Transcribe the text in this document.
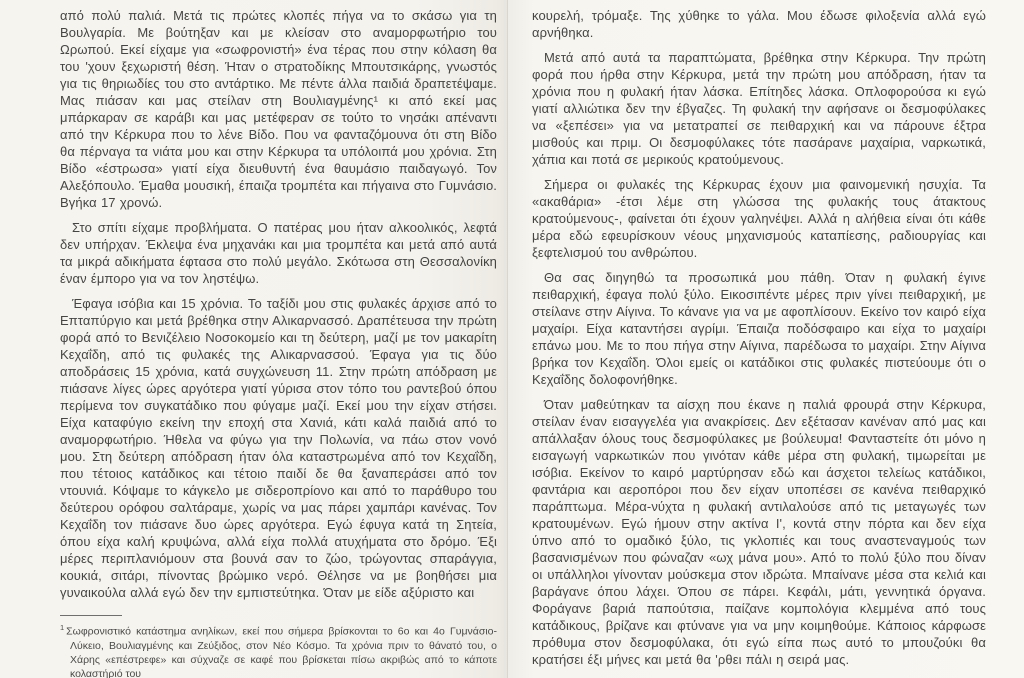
από πολύ παλιά. Μετά τις πρώτες κλοπές πήγα να το σκάσω για τη Βουλγαρία. Με βούτηξαν και με κλείσαν στο αναμορφωτήριο του Ωρωπού. Εκεί είχαμε για «σωφρονιστή» ένα τέρας που στην κόλαση θα του 'χουν ξεχωριστή θέση. Ήταν ο στρατοδίκης Μπουτσικάρης, γνωστός για τις θηριωδίες του στο αντάρτικο. Με πέντε άλλα παιδιά δραπετέψαμε. Μας πιάσαν και μας στείλαν στη Βουλιαγμένης¹ κι από εκεί μας μπάρκαραν σε καράβι και μας μετέφεραν σε τούτο το νησάκι απέναντι από την Κέρκυρα που το λένε Βίδο. Που να φανταζόμουνα ότι στη Βίδο θα πέρναγα τα νιάτα μου και στην Κέρκυρα τα υπόλοιπά μου χρόνια. Στη Βίδο «έστρωσα» γιατί είχα διευθυντή ένα θαυμάσιο παιδαγωγό. Τον Αλεξόπουλο. Έμαθα μουσική, έπαιζα τρομπέτα και πήγαινα στο Γυμνάσιο. Βγήκα 17 χρονώ.

Στο σπίτι είχαμε προβλήματα. Ο πατέρας μου ήταν αλκοολικός, λεφτά δεν υπήρχαν. Έκλεψα ένα μηχανάκι και μια τρομπέτα και μετά από αυτά τα μικρά αδικήματα έφτασα στο πολύ μεγάλο. Σκότωσα στη Θεσσαλονίκη έναν έμπορο για να τον ληστέψω.

Έφαγα ισόβια και 15 χρόνια. Το ταξίδι μου στις φυλακές άρχισε από το Επταπύργιο και μετά βρέθηκα στην Αλικαρνασσό. Δραπέτευσα την πρώτη φορά από το Βενιζέλειο Νοσοκομείο και τη δεύτερη, μαζί με τον μακαρίτη Κεχαΐδη, από τις φυλακές της Αλικαρνασσού. Έφαγα για τις δύο αποδράσεις 15 χρόνια, κατά συγχώνευση 11. Στην πρώτη απόδραση με πιάσανε λίγες ώρες αργότερα γιατί γύρισα στον τόπο του ραντεβού όπου περίμενα τον συγκατάδικο που φύγαμε μαζί. Εκεί μου την είχαν στήσει. Είχα καταφύγιο εκείνη την εποχή στα Χανιά, κάτι καλά παιδιά από το αναμορφωτήριο. Ήθελα να φύγω για την Πολωνία, να πάω στον νονό μου. Στη δεύτερη απόδραση ήταν όλα καταστρωμένα από τον Κεχαΐδη, που τέτοιος κατάδικος και τέτοιο παιδί δε θα ξαναπεράσει από τον ντουνιά. Κόψαμε το κάγκελο με σιδεροπρίονο και από το παράθυρο του δεύτερου ορόφου σαλτάραμε, χωρίς να μας πάρει χαμπάρι κανένας. Τον Κεχαΐδη τον πιάσανε δυο ώρες αργότερα. Εγώ έφυγα κατά τη Σητεία, όπου είχα καλή κρυψώνα, αλλά είχα πολλά ατυχήματα στο δρόμο. Έξι μέρες περιπλανιόμουν στα βουνά σαν το ζώο, τρώγοντας σπαράγγια, κουκιά, σιτάρι, πίνοντας βρώμικο νερό. Θέλησε να με βοηθήσει μια γυναικούλα αλλά εγώ δεν την εμπιστεύτηκα. Όταν με είδε αξύριστο και

$^1$ Σωφρονιστικό κατάστημα ανηλίκων, εκεί που σήμερα βρίσκονται το 6ο και 4ο Γυμνάσιο-Λύκειο, Βουλιαγμένης και Ζεύξιδος, στον Νέο Κόσμο. Τα χρόνια πριν το θάνατό του, ο Χάρης «επέστρεφε» και σύχναζε σε καφέ που βρίσκεται πίσω ακριβώς από το κάποτε κολαστήριό του

κουρελή, τρόμαξε. Της χύθηκε το γάλα. Μου έδωσε φιλοξενία αλλά εγώ αρνήθηκα.

Μετά από αυτά τα παραπτώματα, βρέθηκα στην Κέρκυρα. Την πρώτη φορά που ήρθα στην Κέρκυρα, μετά την πρώτη μου απόδραση, ήταν τα χρόνια που η φυλακή ήταν λάσκα. Επίτηδες λάσκα. Οπλοφορούσα κι εγώ γιατί αλλιώτικα δεν την έβγαζες. Τη φυλακή την αφήσανε οι δεσμοφύλακες να «ξεπέσει» για να μετατραπεί σε πειθαρχική και να πάρουνε έξτρα μισθούς και πριμ. Οι δεσμοφύλακες τότε πασάρανε μαχαίρια, ναρκωτικά, χάπια και ποτά σε μερικούς κρατούμενους.

Σήμερα οι φυλακές της Κέρκυρας έχουν μια φαινομενική ησυχία. Τα «ακαθάρια» -έτσι λέμε στη γλώσσα της φυλακής τους άτακτους κρατούμενους-, φαίνεται ότι έχουν γαληνέψει. Αλλά η αλήθεια είναι ότι κάθε μέρα εδώ εφευρίσκουν νέους μηχανισμούς καταπίεσης, ραδιουργίας και ξεφτελισμού του ανθρώπου.

Θα σας διηγηθώ τα προσωπικά μου πάθη. Όταν η φυλακή έγινε πειθαρχική, έφαγα πολύ ξύλο. Εικοσιπέντε μέρες πριν γίνει πειθαρχική, με στείλανε στην Αίγινα. Το κάνανε για να με αφοπλίσουν. Εκείνο τον καιρό είχα μαχαίρι. Είχα καταντήσει αγρίμι. Έπαιζα ποδόσφαιρο και είχα το μαχαίρι επάνω μου. Με το που πήγα στην Αίγινα, παρέδωσα το μαχαίρι. Στην Αίγινα βρήκα τον Κεχαΐδη. Όλοι εμείς οι κατάδικοι στις φυλακές πιστεύουμε ότι ο Κεχαΐδης δολοφονήθηκε.

Όταν μαθεύτηκαν τα αίσχη που έκανε η παλιά φρουρά στην Κέρκυρα, στείλαν έναν εισαγγελέα για ανακρίσεις. Δεν εξέτασαν κανέναν από μας και απάλλαξαν όλους τους δεσμοφύλακες με βούλευμα! Φανταστείτε ότι μόνο η εισαγωγή ναρκωτικών που γινόταν κάθε μέρα στη φυλακή, τιμωρείται με ισόβια. Εκείνον το καιρό μαρτύρησαν εδώ και άσχετοι τελείως κατάδικοι, φαντάρια και αεροπόροι που δεν είχαν υποπέσει σε κανένα πειθαρχικό παράπτωμα. Μέρα-νύχτα η φυλακή αντιλαλούσε από τις μεταγωγές των κρατουμένων. Εγώ ήμουν στην ακτίνα Ι', κοντά στην πόρτα και δεν είχα ύπνο από το ομαδικό ξύλο, τις γκλοπιές και τους αναστεναγμούς των βασανισμένων που φώναζαν «ωχ μάνα μου». Από το πολύ ξύλο που δίναν οι υπάλληλοι γίνονταν μούσκεμα στον ιδρώτα. Μπαίνανε μέσα στα κελιά και βαράγανε όπου λάχει. Όπου σε πάρει. Κεφάλι, μάτι, γεννητικά όργανα. Φοράγανε βαριά παπούτσια, παίζανε κομπολόγια κλεμμένα από τους κατάδικους, βρίζανε και φτύνανε για να μην κοιμηθούμε. Κάποιος κάρφωσε πρόθυμα στον δεσμοφύλακα, ότι εγώ είπα πως αυτό το μπουζούκι θα κρατήσει έξι μήνες και μετά θα 'ρθει πάλι η σειρά μας.
